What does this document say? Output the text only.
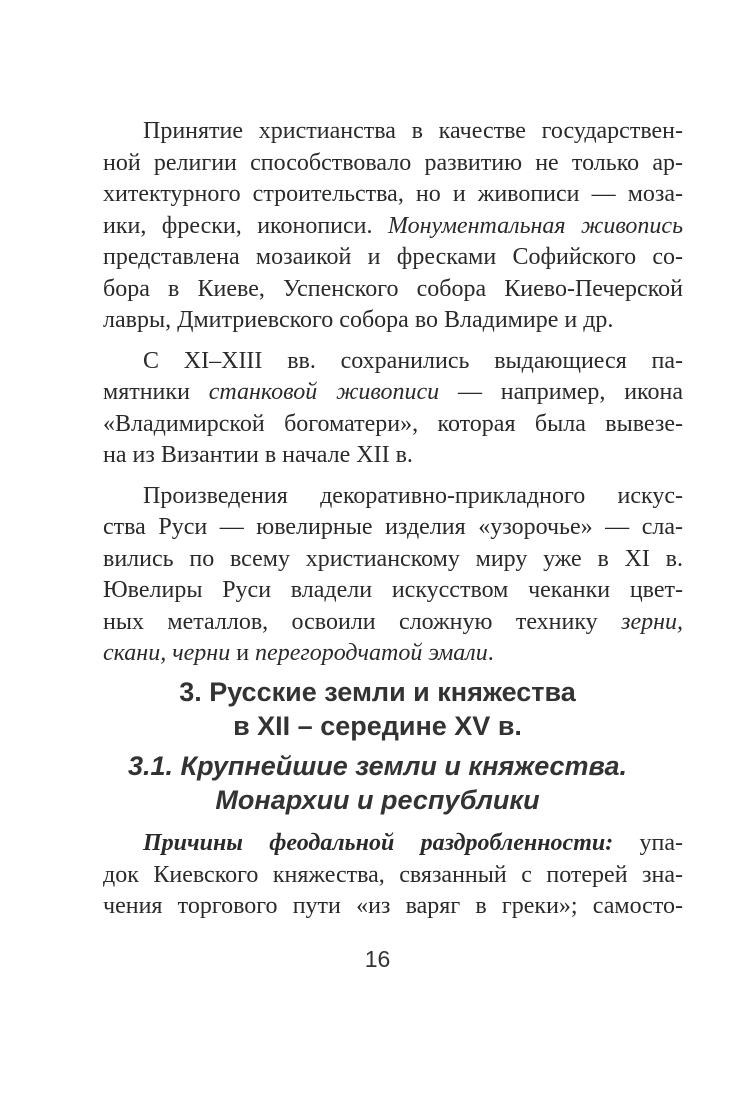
Принятие христианства в качестве государствен-
ной религии способствовало развитию не только ар-
хитектурного строительства, но и живописи — моза-
ики, фрески, иконописи. Монументальная живопись
представлена мозаикой и фресками Софийского со-
бора в Киеве, Успенского собора Киево-Печерской
лавры, Дмитриевского собора во Владимире и др.
С XI–XIII вв. сохранились выдающиеся па-
мятники станковой живописи — например, икона
«Владимирской богоматери», которая была вывезе-
на из Византии в начале XII в.
Произведения декоративно-прикладного искус-
ства Руси — ювелирные изделия «узорочье» — сла-
вились по всему христианскому миру уже в XI в.
Ювелиры Руси владели искусством чеканки цвет-
ных металлов, освоили сложную технику зерни,
скани, черни и перегородчатой эмали.
3. Русские земли и княжества
в XII – середине XV в.
3.1. Крупнейшие земли и княжества.
Монархии и республики
Причины феодальной раздробленности: упа-
док Киевского княжества, связанный с потерей зна-
чения торгового пути «из варяг в греки»; самосто-
16
